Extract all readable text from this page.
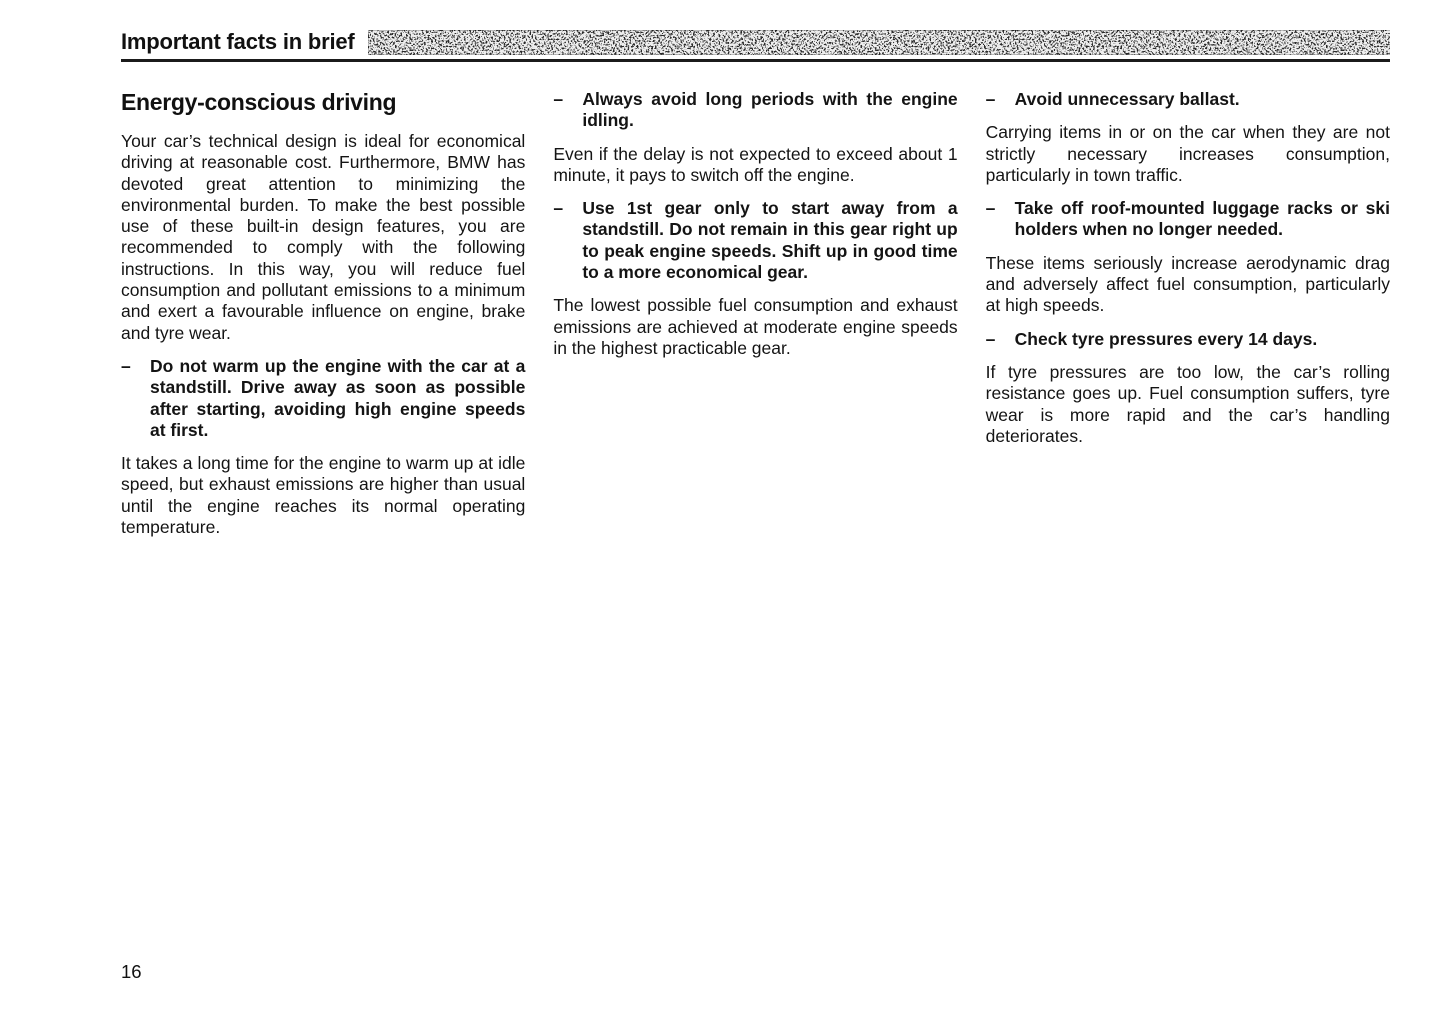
Important facts in brief
Energy-conscious driving

Your car’s technical design is ideal for economical driving at reasonable cost. Furthermore, BMW has devoted great attention to minimizing the environmental burden. To make the best possible use of these built-in design features, you are recommended to comply with the following instructions. In this way, you will reduce fuel consumption and pollutant emissions to a minimum and exert a favourable influence on engine, brake and tyre wear.

–	Do not warm up the engine with the car at a standstill. Drive away as soon as possible after starting, avoiding high engine speeds at first.

It takes a long time for the engine to warm up at idle speed, but exhaust emissions are higher than usual until the engine reaches its normal operating temperature.

–	Always avoid long periods with the engine idling.

Even if the delay is not expected to exceed about 1 minute, it pays to switch off the engine.

–	Use 1st gear only to start away from a standstill. Do not remain in this gear right up to peak engine speeds. Shift up in good time to a more economical gear.

The lowest possible fuel consumption and exhaust emissions are achieved at moderate engine speeds in the highest practicable gear.

–	Avoid unnecessary ballast.

Carrying items in or on the car when they are not strictly necessary increases consumption, particularly in town traffic.

–	Take off roof-mounted luggage racks or ski holders when no longer needed.

These items seriously increase aerodynamic drag and adversely affect fuel consumption, particularly at high speeds.

–	Check tyre pressures every 14 days.

If tyre pressures are too low, the car’s rolling resistance goes up. Fuel consumption suffers, tyre wear is more rapid and the car’s handling deteriorates.

16
